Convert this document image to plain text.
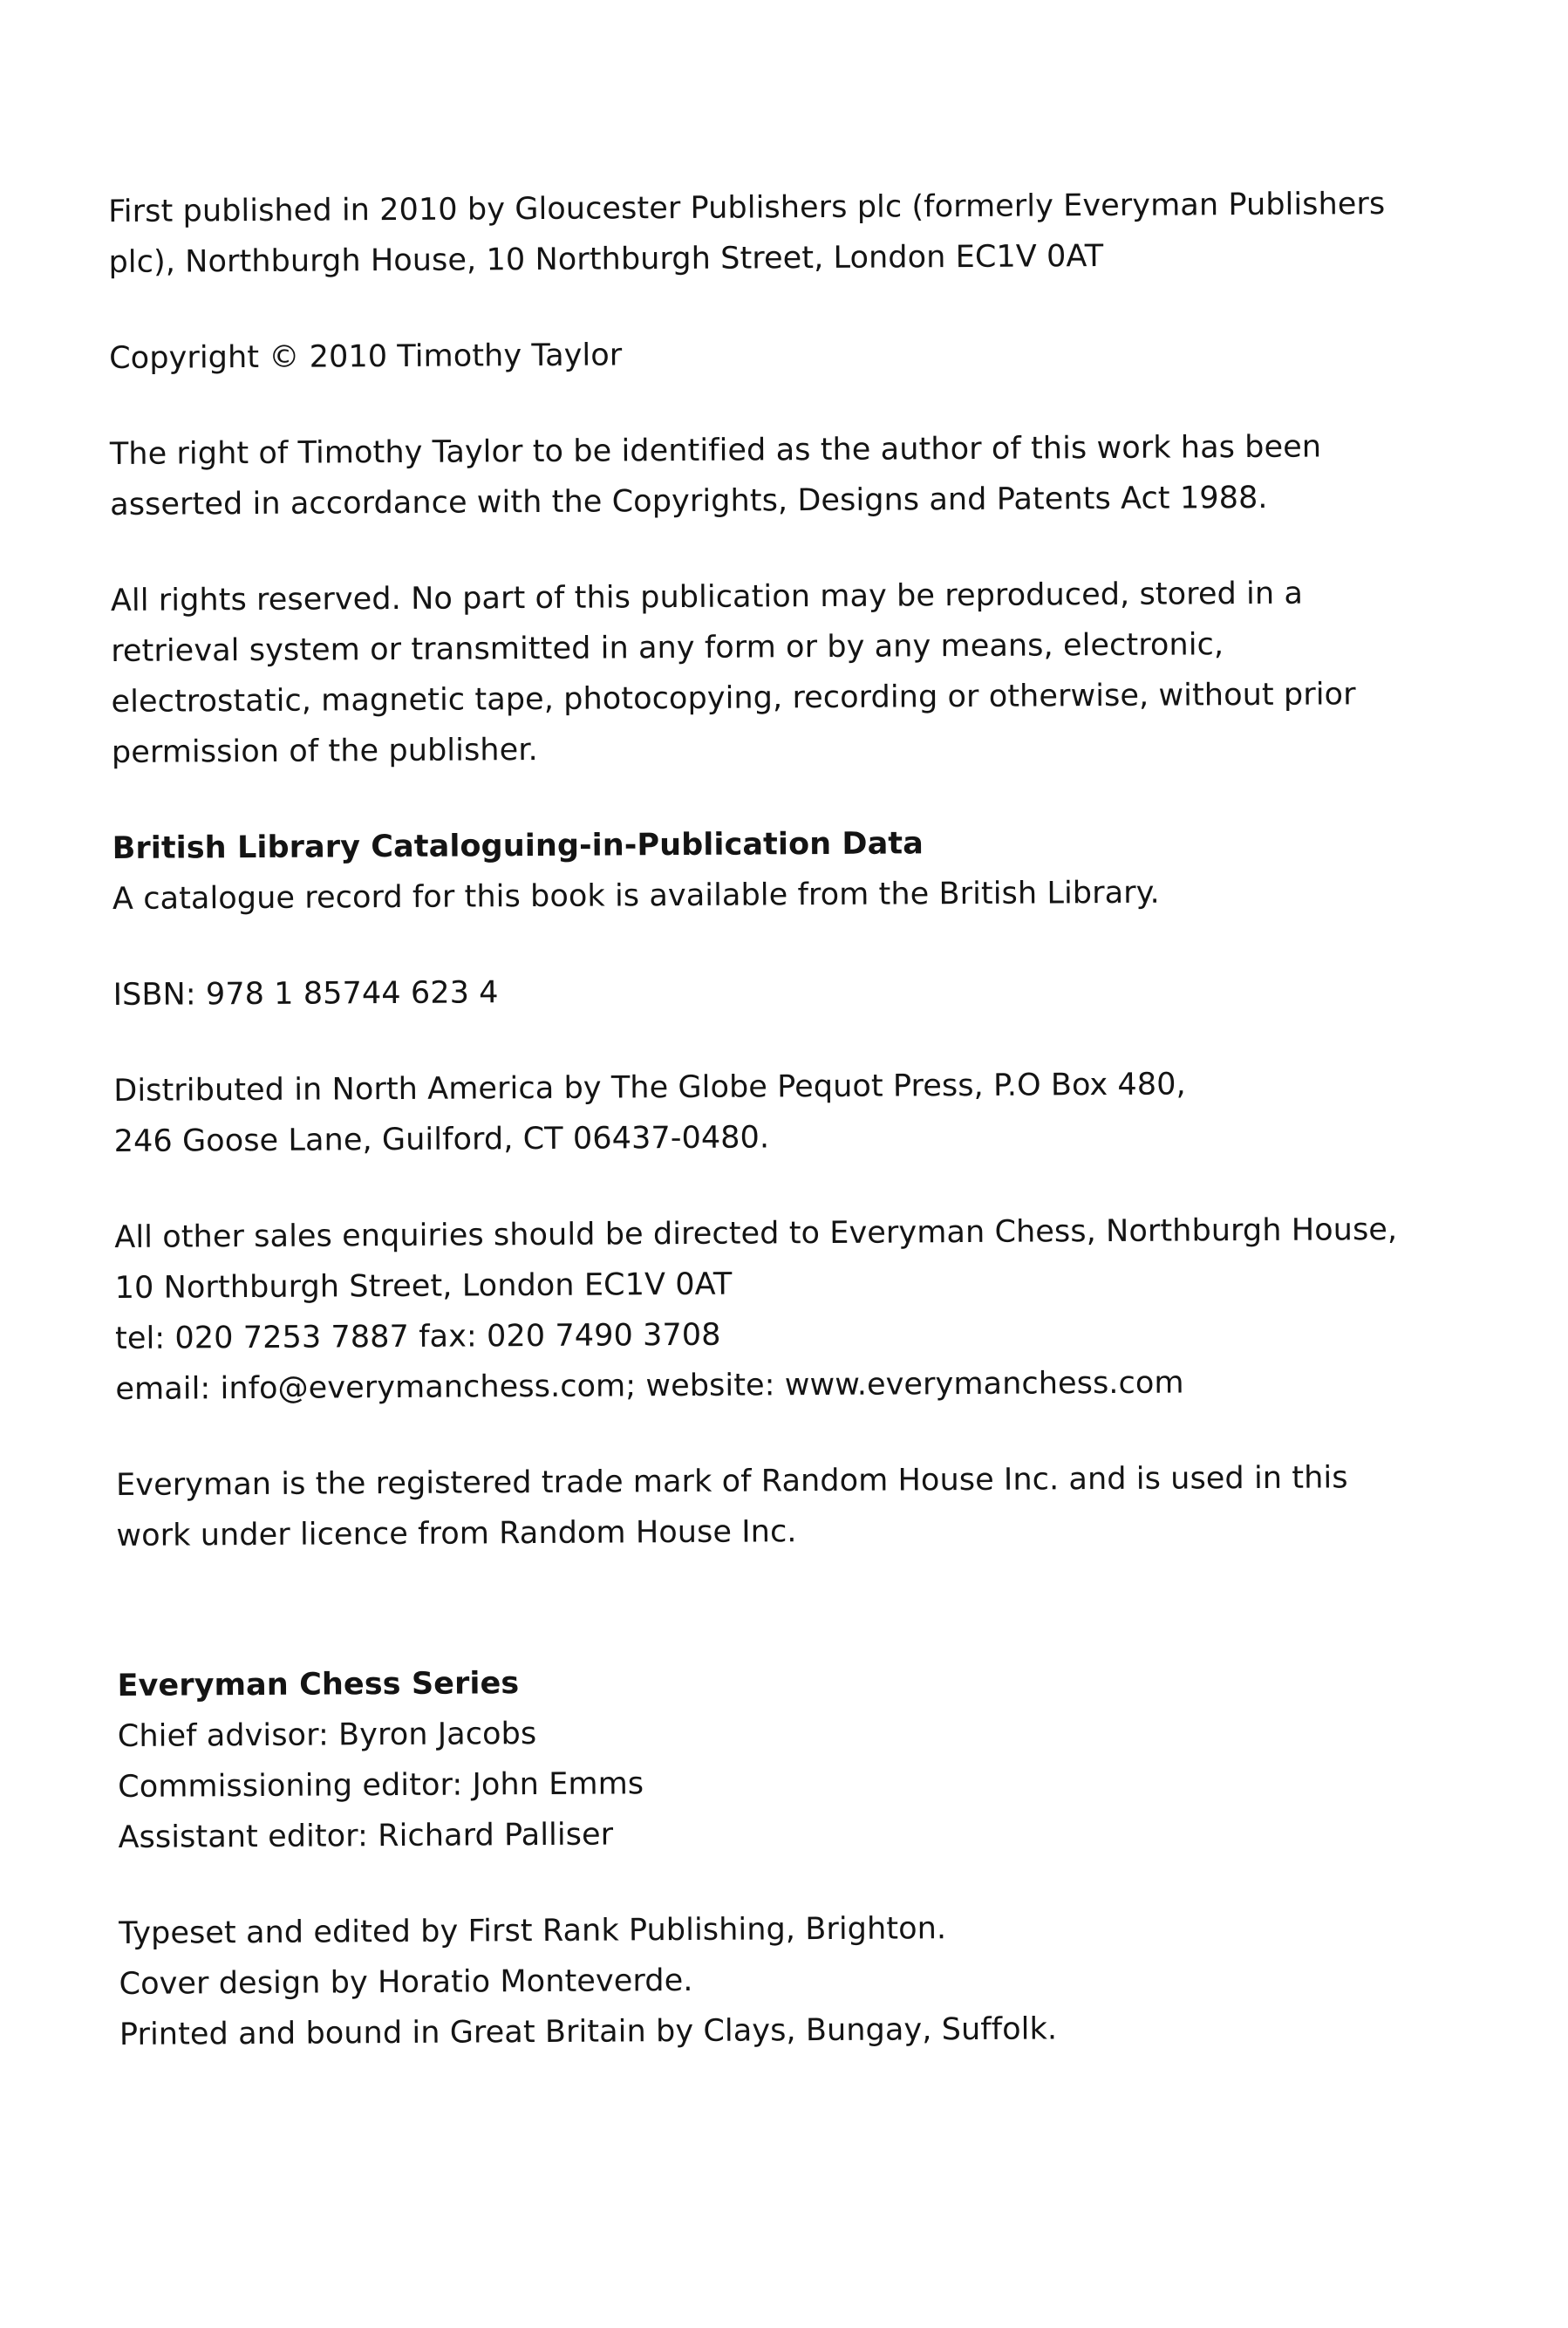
First published in 2010 by Gloucester Publishers plc (formerly Everyman Publishers
plc), Northburgh House, 10 Northburgh Street, London EC1V 0AT
Copyright © 2010 Timothy Taylor
The right of Timothy Taylor to be identified as the author of this work has been
asserted in accordance with the Copyrights, Designs and Patents Act 1988.
All rights reserved. No part of this publication may be reproduced, stored in a
retrieval system or transmitted in any form or by any means, electronic,
electrostatic, magnetic tape, photocopying, recording or otherwise, without prior
permission of the publisher.
British Library Cataloguing-in-Publication Data
A catalogue record for this book is available from the British Library.
ISBN: 978 1 85744 623 4
Distributed in North America by The Globe Pequot Press, P.O Box 480,
246 Goose Lane, Guilford, CT 06437-0480.
All other sales enquiries should be directed to Everyman Chess, Northburgh House,
10 Northburgh Street, London EC1V 0AT
tel: 020 7253 7887 fax: 020 7490 3708
email: info@everymanchess.com; website: www.everymanchess.com
Everyman is the registered trade mark of Random House Inc. and is used in this
work under licence from Random House Inc.
Everyman Chess Series
Chief advisor: Byron Jacobs
Commissioning editor: John Emms
Assistant editor: Richard Palliser
Typeset and edited by First Rank Publishing, Brighton.
Cover design by Horatio Monteverde.
Printed and bound in Great Britain by Clays, Bungay, Suffolk.
